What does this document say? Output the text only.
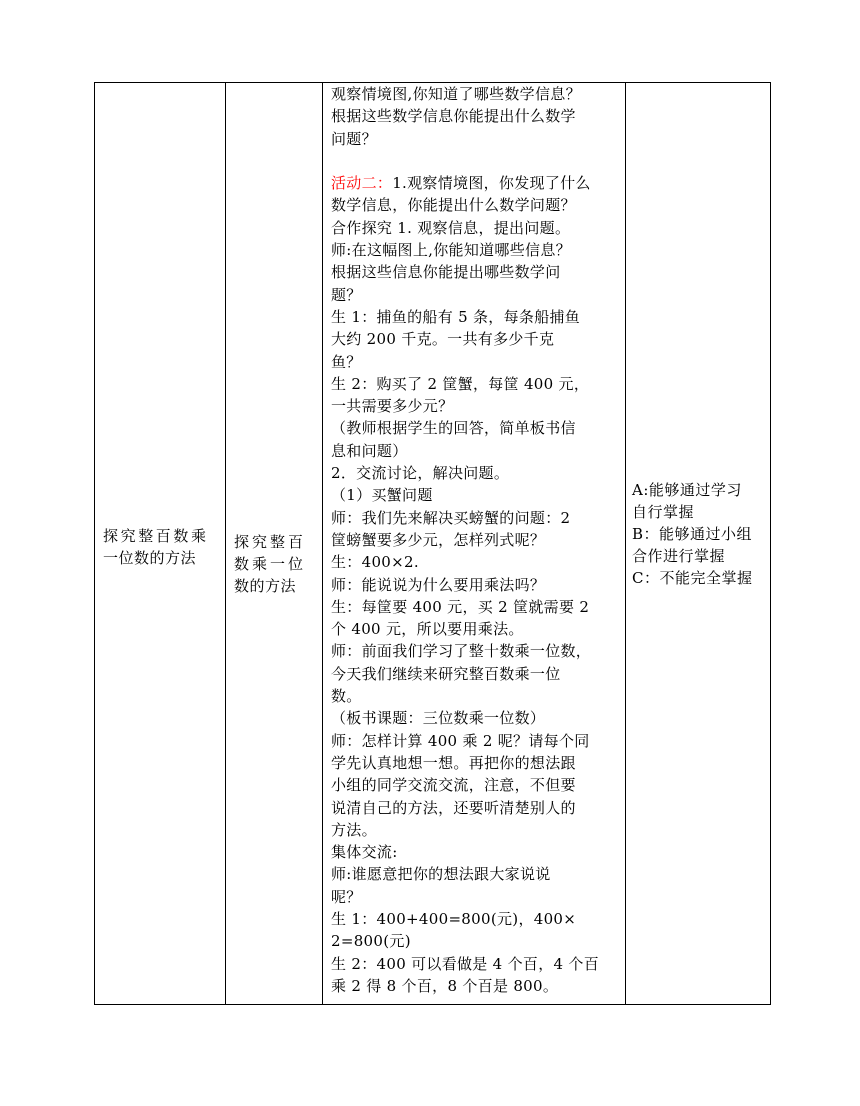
探究整百数乘
一位数的方法

探究整百
数乘一位
数的方法

观察情境图,你知道了哪些数学信息？
根据这些数学信息你能提出什么数学
问题？
活动二：1.观察情境图，你发现了什么
数学信息，你能提出什么数学问题？
合作探究 1. 观察信息，提出问题。
师:在这幅图上,你能知道哪些信息？
根据这些信息你能提出哪些数学问
题？
生 1：捕鱼的船有 5 条，每条船捕鱼
大约 200 千克。一共有多少千克
鱼？
生 2：购买了 2 筐蟹，每筐 400 元，
一共需要多少元？
（教师根据学生的回答，简单板书信
息和问题）
2．交流讨论，解决问题。
（1）买蟹问题
师：我们先来解决买螃蟹的问题：2
筐螃蟹要多少元，怎样列式呢？
生：400×2.
师：能说说为什么要用乘法吗？
生：每筐要 400 元，买 2 筐就需要 2
个 400 元，所以要用乘法。
师：前面我们学习了整十数乘一位数，
今天我们继续来研究整百数乘一位
数。
（板书课题：三位数乘一位数）
师：怎样计算 400 乘 2 呢？请每个同
学先认真地想一想。再把你的想法跟
小组的同学交流交流，注意，不但要
说清自己的方法，还要听清楚别人的
方法。
集体交流:
师:谁愿意把你的想法跟大家说说
呢？
生 1：400+400=800(元)，400×
2=800(元)
生 2：400 可以看做是 4 个百，4 个百
乘 2 得 8 个百，8 个百是 800。

A:能够通过学习
自行掌握
B：能够通过小组
合作进行掌握
C：不能完全掌握
